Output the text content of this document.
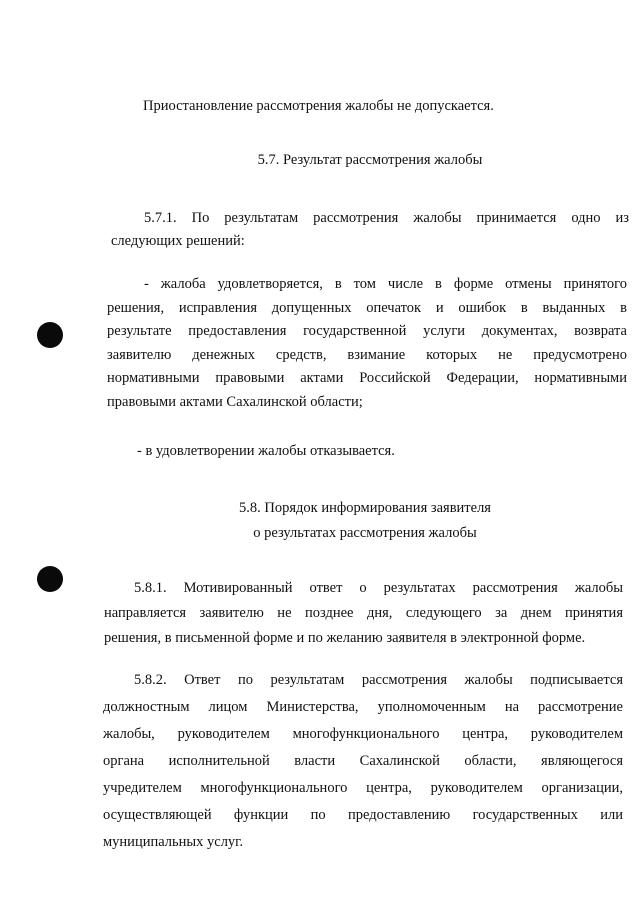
Приостановление рассмотрения жалобы не допускается.

5.7. Результат рассмотрения жалобы

5.7.1. По результатам рассмотрения жалобы принимается одно из
следующих решений:
- жалоба удовлетворяется, в том числе в форме отмены принятого
решения, исправления допущенных опечаток и ошибок в выданных в
результате предоставления государственной услуги документах, возврата
заявителю денежных средств, взимание которых не предусмотрено
нормативными правовыми актами Российской Федерации, нормативными
правовыми актами Сахалинской области;

- в удовлетворении жалобы отказывается.

5.8. Порядок информирования заявителя
о результатах рассмотрения жалобы
5.8.1. Мотивированный ответ о результатах рассмотрения жалобы
направляется заявителю не позднее дня, следующего за днем принятия
решения, в письменной форме и по желанию заявителя в электронной форме.
5.8.2. Ответ по результатам рассмотрения жалобы подписывается
должностным лицом Министерства, уполномоченным на рассмотрение
жалобы, руководителем многофункционального центра, руководителем
органа исполнительной власти Сахалинской области, являющегося
учредителем многофункционального центра, руководителем организации,
осуществляющей функции по предоставлению государственных или
муниципальных услуг.
